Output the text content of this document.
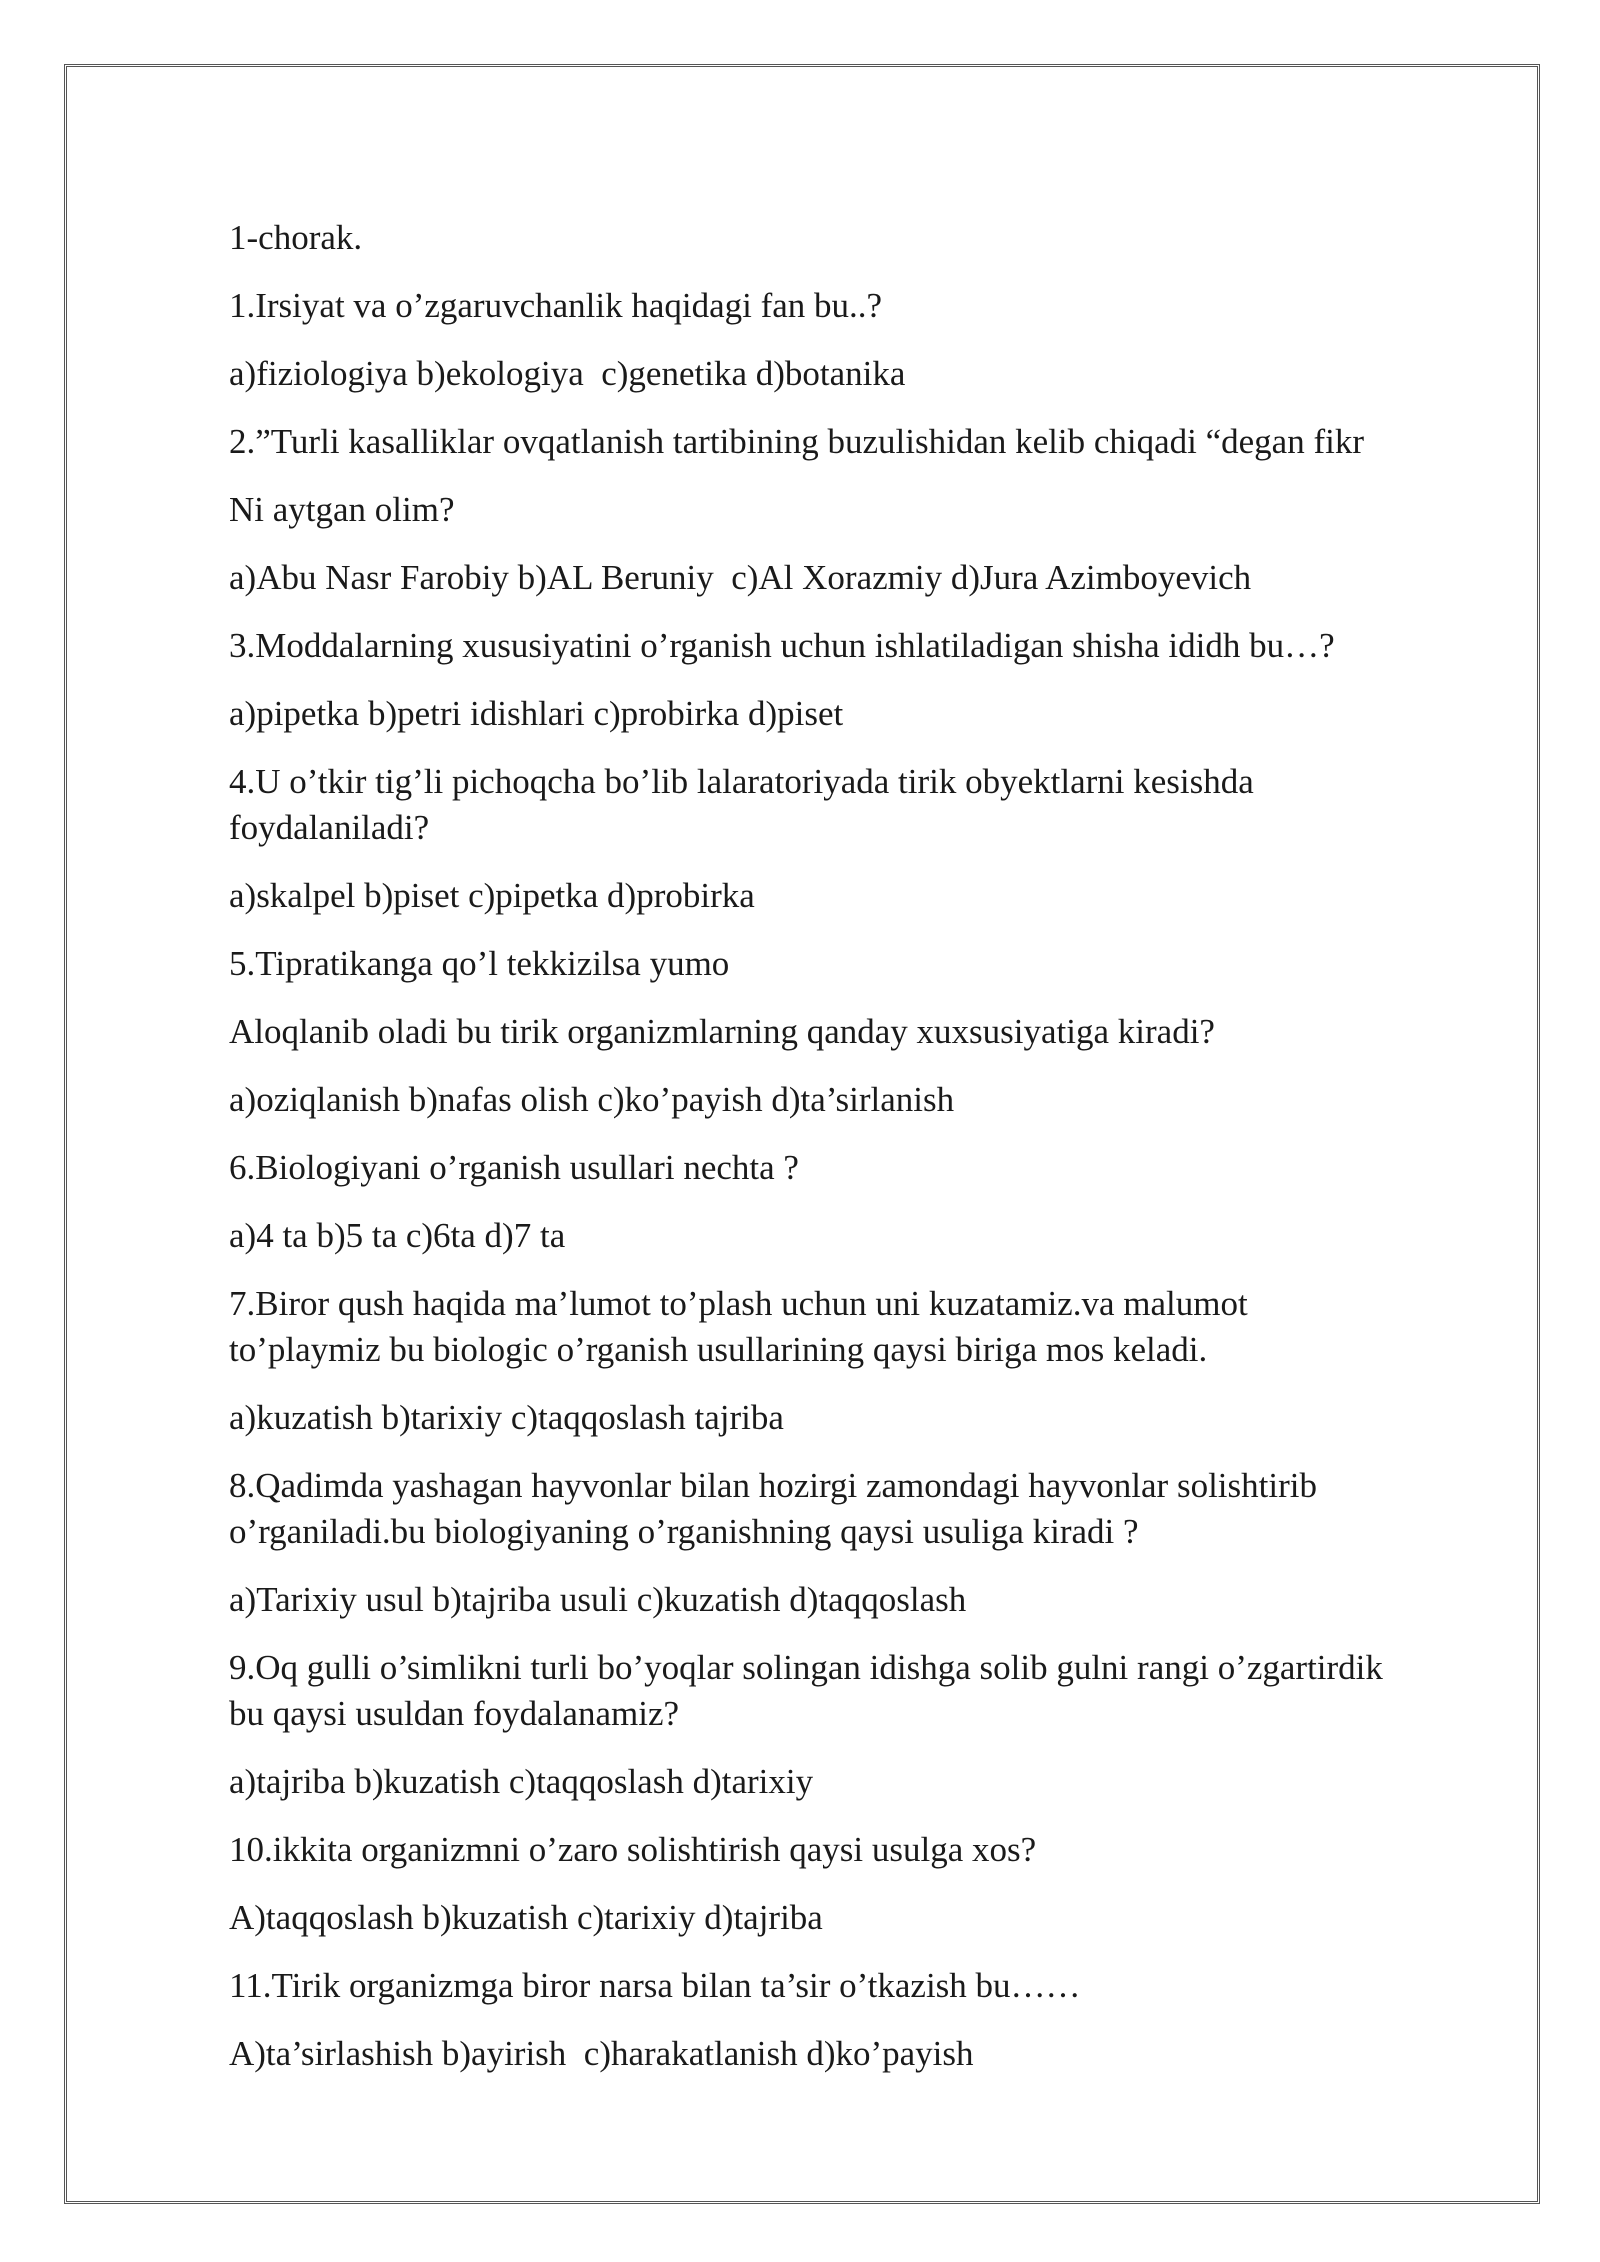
1-chorak.
1.Irsiyat va o’zgaruvchanlik haqidagi fan bu..?
a)fiziologiya b)ekologiya  c)genetika d)botanika
2.”Turli kasalliklar ovqatlanish tartibining buzulishidan kelib chiqadi “degan fikr
Ni aytgan olim?
a)Abu Nasr Farobiy b)AL Beruniy  c)Al Xorazmiy d)Jura Azimboyevich
3.Moddalarning xususiyatini o’rganish uchun ishlatiladigan shisha ididh bu…?
a)pipetka b)petri idishlari c)probirka d)piset
4.U o’tkir tig’li pichoqcha bo’lib lalaratoriyada tirik obyektlarni kesishda
foydalaniladi?
a)skalpel b)piset c)pipetka d)probirka
5.Tipratikanga qo’l tekkizilsa yumo
Aloqlanib oladi bu tirik organizmlarning qanday xuxsusiyatiga kiradi?
a)oziqlanish b)nafas olish c)ko’payish d)ta’sirlanish
6.Biologiyani o’rganish usullari nechta ?
a)4 ta b)5 ta c)6ta d)7 ta
7.Biror qush haqida ma’lumot to’plash uchun uni kuzatamiz.va malumot
to’playmiz bu biologic o’rganish usullarining qaysi biriga mos keladi.
a)kuzatish b)tarixiy c)taqqoslash tajriba
8.Qadimda yashagan hayvonlar bilan hozirgi zamondagi hayvonlar solishtirib
o’rganiladi.bu biologiyaning o’rganishning qaysi usuliga kiradi ?
a)Tarixiy usul b)tajriba usuli c)kuzatish d)taqqoslash
9.Oq gulli o’simlikni turli bo’yoqlar solingan idishga solib gulni rangi o’zgartirdik
bu qaysi usuldan foydalanamiz?
a)tajriba b)kuzatish c)taqqoslash d)tarixiy
10.ikkita organizmni o’zaro solishtirish qaysi usulga xos?
A)taqqoslash b)kuzatish c)tarixiy d)tajriba
11.Tirik organizmga biror narsa bilan ta’sir o’tkazish bu……
A)ta’sirlashish b)ayirish  c)harakatlanish d)ko’payish
